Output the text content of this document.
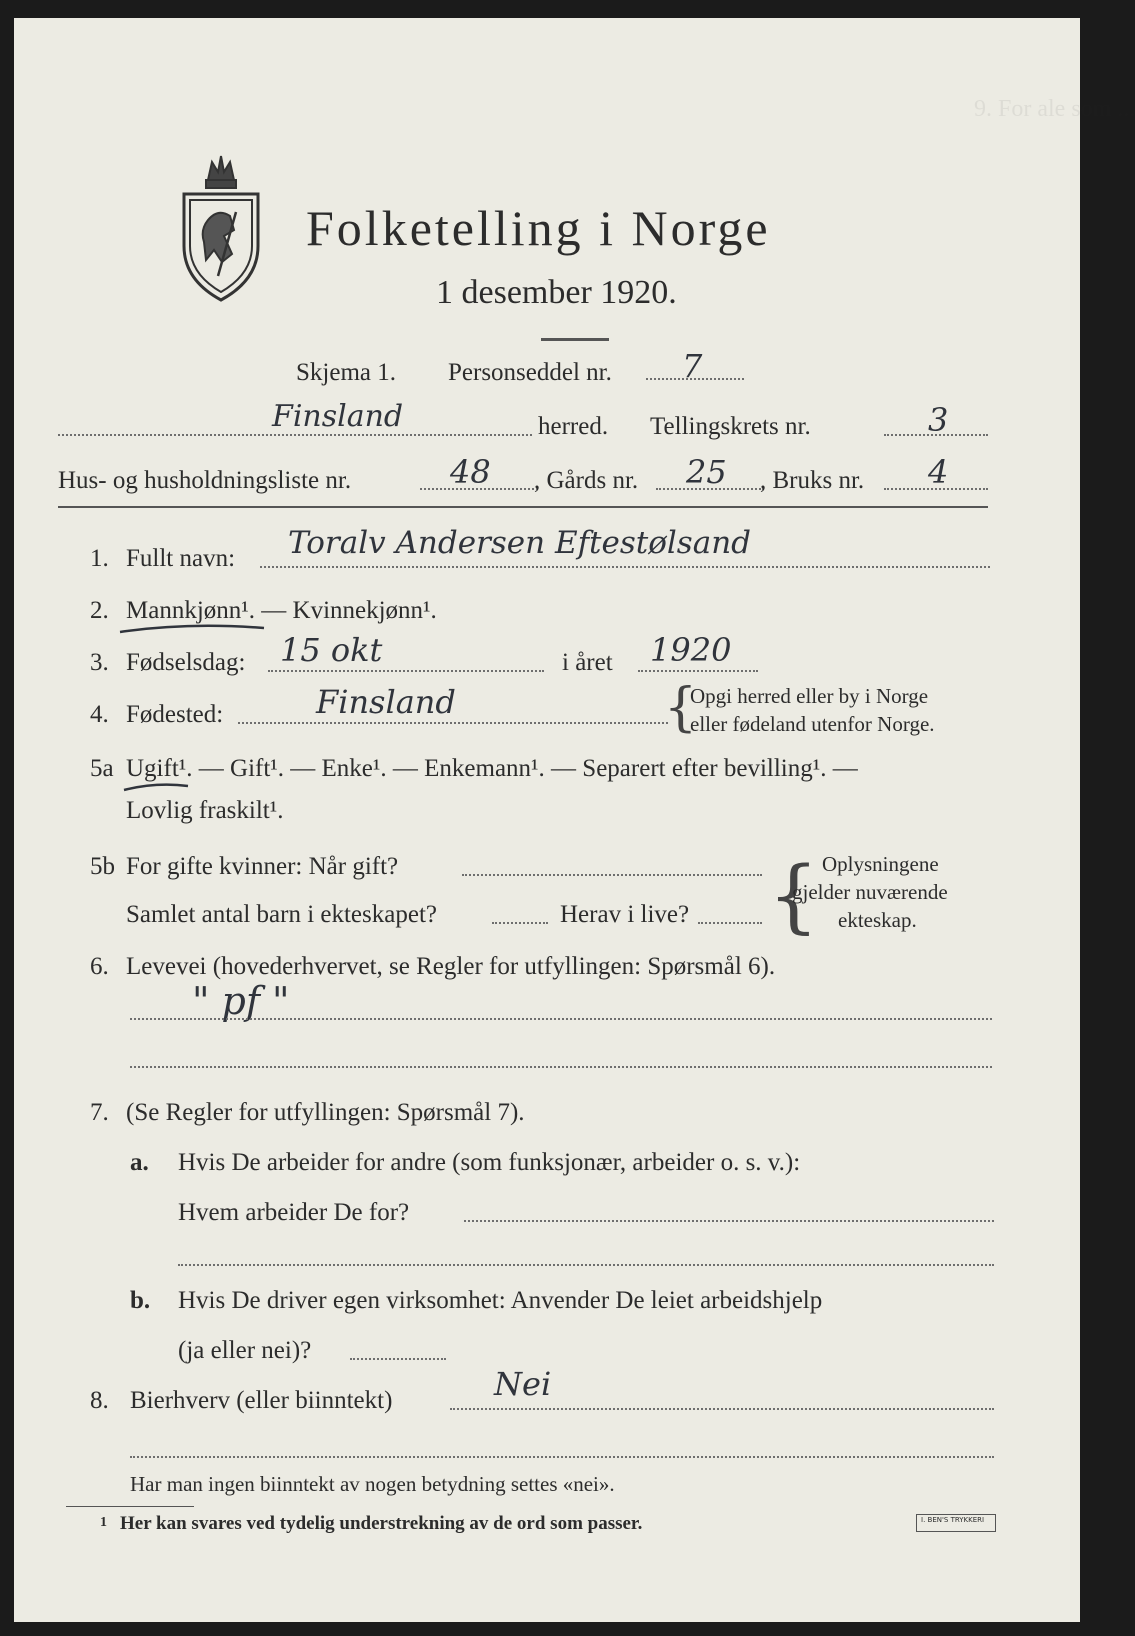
9. For ale som ...
Folketelling i Norge
1 desember 1920.
Skjema 1. Personseddel nr. 7
Finsland	herred. Tellingskrets nr.	3
Hus- og husholdningsliste nr.	48 , Gårds nr. 25 , Bruks nr. 4
1. Fullt navn: Toralv Andersen Eftestølsand
2. Mannkjønn¹. — Kvinnekjønn¹.
3. Fødselsdag: 15 okt	i året 1920
4. Fødested:	Finsland	{
Opgi herred eller by i Norge
eller fødeland utenfor Norge.
5a Ugift¹. — Gift¹. — Enke¹. — Enkemann¹. — Separert efter bevilling¹. —
Lovlig fraskilt¹.
5b For gifte kvinner: Når gift?
Samlet antal barn i ekteskapet?	Herav i live? { Oplysningene
gjelder nuværende
ekteskap.
6. Levevei (hovederhvervet, se Regler for utfyllingen: Spørsmål 6).
" pf "
7. (Se Regler for utfyllingen: Spørsmål 7).
a. Hvis De arbeider for andre (som funksjonær, arbeider o. s. v.):
Hvem arbeider De for?
b. Hvis De driver egen virksomhet: Anvender De leiet arbeidshjelp
(ja eller nei)?
8. Bierhverv (eller biinntekt)	Nei
Har man ingen biinntekt av nogen betydning settes «nei».
1 Her kan svares ved tydelig understrekning av de ord som passer.	I. BEN'S TRYKKERI
